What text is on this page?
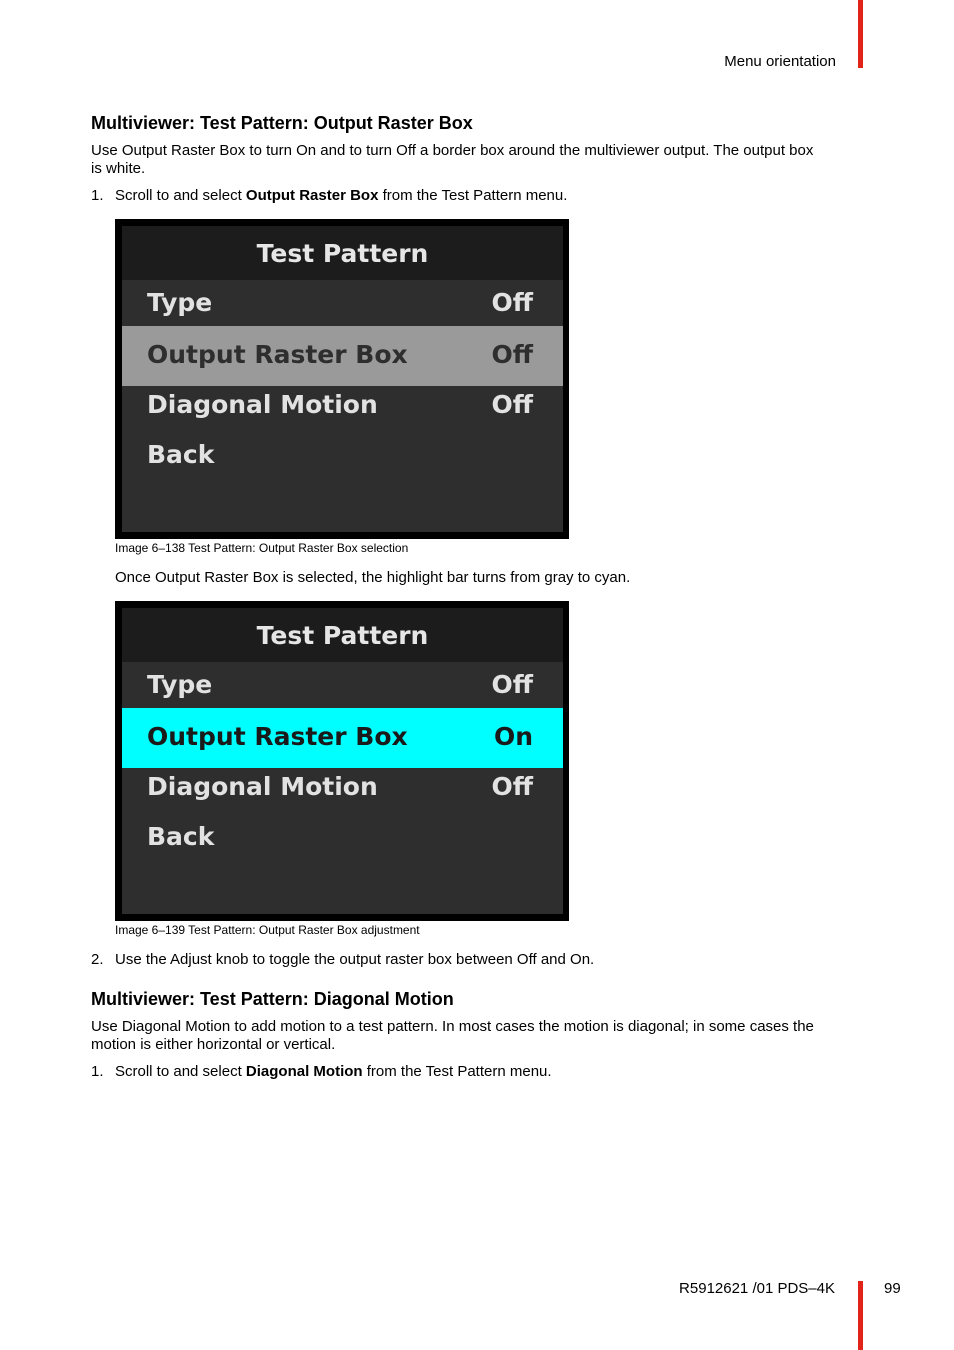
Menu orientation
Multiviewer: Test Pattern: Output Raster Box
Use Output Raster Box to turn On and to turn Off a border box around the multiviewer output. The output box
is white.
1. Scroll to and select Output Raster Box from the Test Pattern menu.
Test Pattern
Type	Off
Output Raster Box	Off
Diagonal Motion	Off
Back
Image 6–138 Test Pattern: Output Raster Box selection
Once Output Raster Box is selected, the highlight bar turns from gray to cyan.
Test Pattern
Type	Off
Output Raster Box	On
Diagonal Motion	Off
Back
Image 6–139 Test Pattern: Output Raster Box adjustment
2. Use the Adjust knob to toggle the output raster box between Off and On.
Multiviewer: Test Pattern: Diagonal Motion
Use Diagonal Motion to add motion to a test pattern. In most cases the motion is diagonal; in some cases the
motion is either horizontal or vertical.
1. Scroll to and select Diagonal Motion from the Test Pattern menu.
R5912621 /01 PDS–4K	99
